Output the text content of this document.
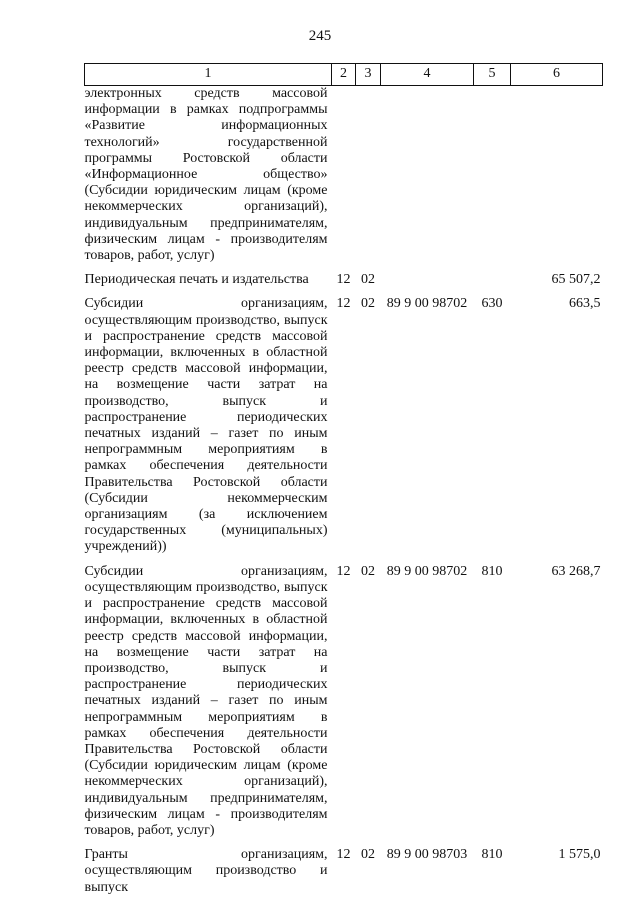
245
1	2	3	4	5	6
электронных средств массовой информации в рамках подпрограммы «Развитие информационных технологий» государственной программы Ростовской области «Информационное общество» (Субсидии юридическим лицам (кроме некоммерческих организаций), индивидуальным предпринимателям, физическим лицам - производителям товаров, работ, услуг)					
Периодическая печать и издательства	12	02			65 507,2
Субсидии организациям, осуществляющим производство, выпуск и распространение средств массовой информации, включенных в областной реестр средств массовой информации, на возмещение части затрат на производство, выпуск и распространение периодических печатных изданий – газет по иным непрограммным мероприятиям в рамках обеспечения деятельности Правительства Ростовской области (Субсидии некоммерческим организациям (за исключением государственных (муниципальных) учреждений))	12	02	89 9 00 98702	630	663,5
Субсидии организациям, осуществляющим производство, выпуск и распространение средств массовой информации, включенных в областной реестр средств массовой информации, на возмещение части затрат на производство, выпуск и распространение периодических печатных изданий – газет по иным непрограммным мероприятиям в рамках обеспечения деятельности Правительства Ростовской области (Субсидии юридическим лицам (кроме некоммерческих организаций), индивидуальным предпринимателям, физическим лицам - производителям товаров, работ, услуг)	12	02	89 9 00 98702	810	63 268,7
Гранты организациям, осуществляющим производство и выпуск	12	02	89 9 00 98703	810	1 575,0
